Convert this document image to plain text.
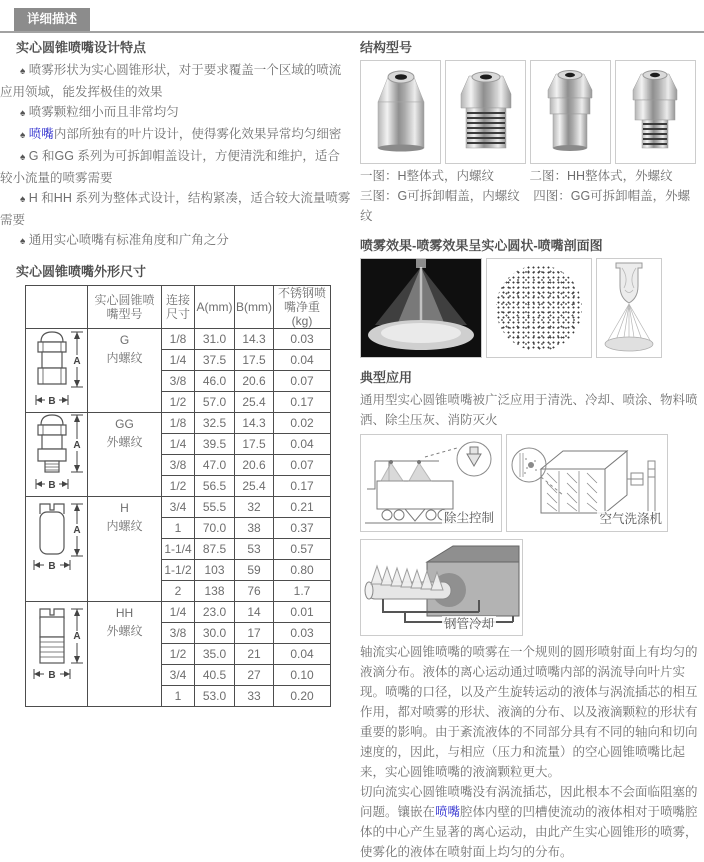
详细描述
实心圆锥喷嘴设计特点
♠ 喷雾形状为实心圆锥形状，对于要求覆盖一个区域的喷流应用领域，能发挥极佳的效果
♠ 喷雾颗粒细小而且非常均匀
♠ 喷嘴内部所独有的叶片设计，使得雾化效果异常均匀细密
♠ G 和GG 系列为可拆卸帽盖设计，方便清洗和维护，适合较小流量的喷雾需要
♠ H 和HH 系列为整体式设计，结构紧凑，适合较大流量喷雾需要
♠ 通用实心喷嘴有标准角度和广角之分
实心圆锥喷嘴外形尺寸
	实心圆锥喷嘴型号	连接尺寸	A(mm)	B(mm)	不锈钢喷嘴净重(kg)

A
B

G
内螺纹
	1/8	31.0	14.3	0.03
		1/4	37.5	17.5	0.04
		3/8	46.0	20.6	0.07
		1/2	57.0	25.4	0.17

A
B

GG
外螺纹
	1/8	32.5	14.3	0.02
		1/4	39.5	17.5	0.04
		3/8	47.0	20.6	0.07
		1/2	56.5	25.4	0.17

A
B

H
内螺纹
	3/4	55.5	32	0.21
		1	70.0	38	0.37
		1-1/4	87.5	53	0.57
		1-1/2	103	59	0.80
		2	138	76	1.7

A
B

HH
外螺纹
	1/4	23.0	14	0.01
		3/8	30.0	17	0.03
		1/2	35.0	21	0.04
		3/4	40.5	27	0.10
		1	53.0	33	0.20
结构型号

一图：H整体式，内螺纹	二图：HH整体式，外螺纹

三图：G可拆卸帽盖，内螺纹 四图：GG可拆卸帽盖，外螺纹

喷雾效果-喷雾效果呈实心圆状-喷嘴剖面图
典型应用

通用型实心圆锥喷嘴被广泛应用于清洗、冷却、喷涂、物料喷洒、除尘压灰、消防灭火

除尘控制	空气洗涤机
钢管冷却

轴流实心圆锥喷嘴的喷雾在一个规则的圆形喷射面上有均匀的液滴分布。液体的离心运动通过喷嘴内部的涡流导向叶片实现。喷嘴的口径，以及产生旋转运动的液体与涡流插芯的相互作用，都对喷雾的形状、液滴的分布、以及液滴颗粒的形状有重要的影响。由于紊流液体的不同部分具有不同的轴向和切向速度的，因此，与相应（压力和流量）的空心圆锥喷嘴比起来，实心圆锥喷嘴的液滴颗粒更大。

切向流实心圆锥喷嘴没有涡流插芯，因此根本不会面临阻塞的问题。镶嵌在喷嘴腔体内壁的凹槽使流动的液体相对于喷嘴腔体的中心产生显著的离心运动，由此产生实心圆锥形的喷雾，使雾化的液体在喷射面上均匀的分布。
